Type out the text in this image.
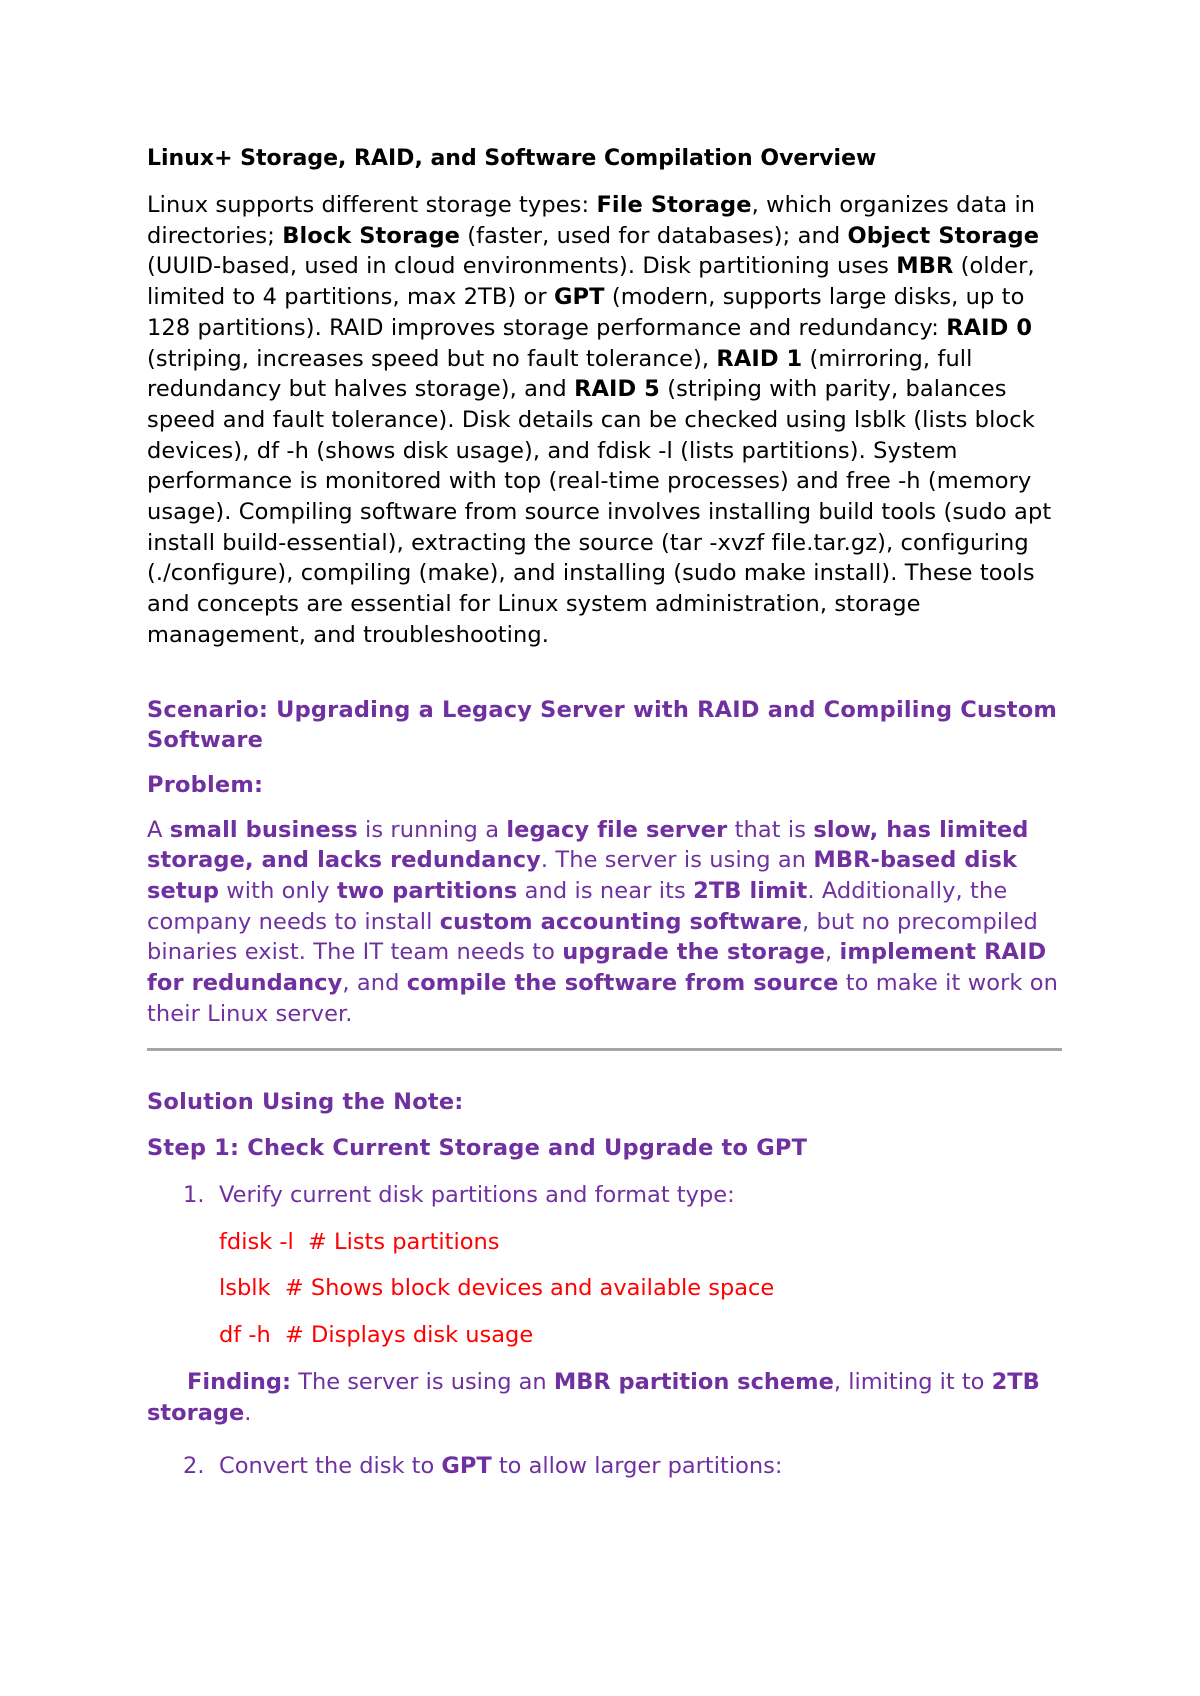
Linux+ Storage, RAID, and Software Compilation Overview

Linux supports different storage types: File Storage, which organizes data in directories; Block Storage (faster, used for databases); and Object Storage (UUID-based, used in cloud environments). Disk partitioning uses MBR (older, limited to 4 partitions, max 2TB) or GPT (modern, supports large disks, up to 128 partitions). RAID improves storage performance and redundancy: RAID 0 (striping, increases speed but no fault tolerance), RAID 1 (mirroring, full redundancy but halves storage), and RAID 5 (striping with parity, balances speed and fault tolerance). Disk details can be checked using lsblk (lists block devices), df -h (shows disk usage), and fdisk -l (lists partitions). System performance is monitored with top (real-time processes) and free -h (memory usage). Compiling software from source involves installing build tools (sudo apt install build-essential), extracting the source (tar -xvzf file.tar.gz), configuring (./configure), compiling (make), and installing (sudo make install). These tools and concepts are essential for Linux system administration, storage management, and troubleshooting.

Scenario: Upgrading a Legacy Server with RAID and Compiling Custom Software
Problem:

A small business is running a legacy file server that is slow, has limited storage, and lacks redundancy. The server is using an MBR-based disk setup with only two partitions and is near its 2TB limit. Additionally, the company needs to install custom accounting software, but no precompiled binaries exist. The IT team needs to upgrade the storage, implement RAID for redundancy, and compile the software from source to make it work on their Linux server.

Solution Using the Note:
Step 1: Check Current Storage and Upgrade to GPT
1. Verify current disk partitions and format type:
fdisk -l  # Lists partitions
lsblk  # Shows block devices and available space
df -h  # Displays disk usage

Finding: The server is using an MBR partition scheme, limiting it to 2TB storage.

2. Convert the disk to GPT to allow larger partitions:
